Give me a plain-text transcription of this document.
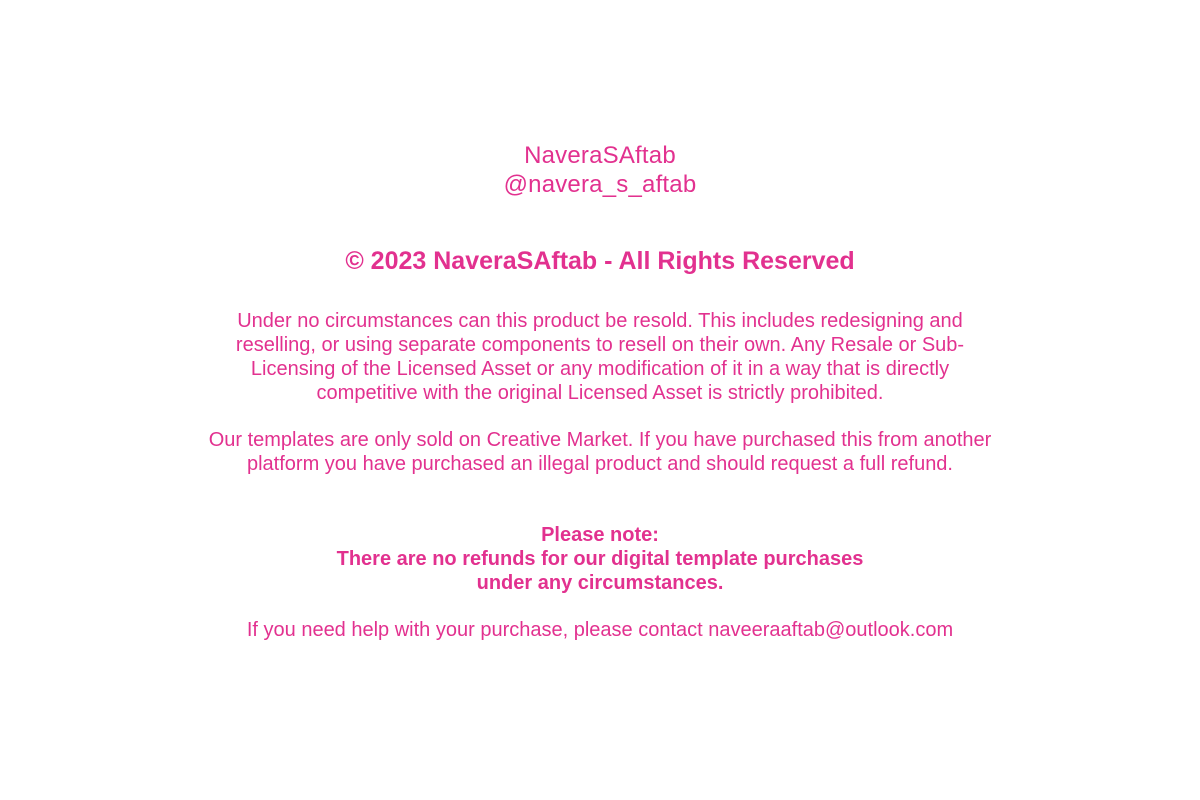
NaveraSAftab
@navera_s_aftab
© 2023 NaveraSAftab - All Rights Reserved
Under no circumstances can this product be resold. This includes redesigning and reselling, or using separate components to resell on their own. Any Resale or Sub-Licensing of the Licensed Asset or any modification of it in a way that is directly competitive with the original Licensed Asset is strictly prohibited.
Our templates are only sold on Creative Market. If you have purchased this from another platform you have purchased an illegal product and should request a full refund.
Please note:
There are no refunds for our digital template purchases
under any circumstances.
If you need help with your purchase, please contact naveeraaftab@outlook.com
